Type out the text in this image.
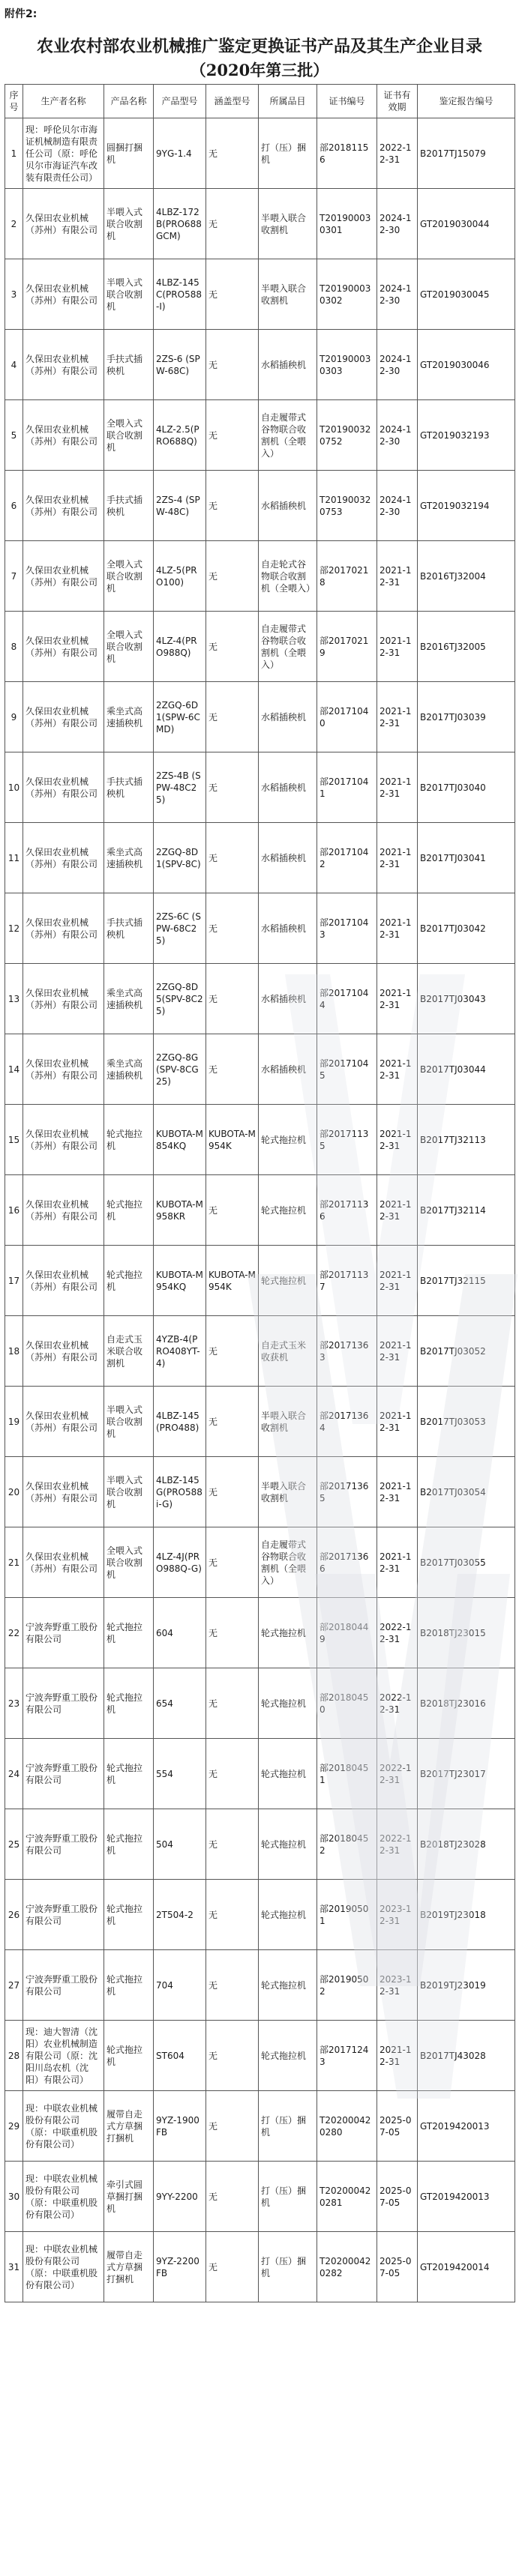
附件2:
农业农村部农业机械推广鉴定更换证书产品及其生产企业目录
（2020年第三批）
序号	生产者名称	产品名称	产品型号	涵盖型号	所属品目	证书编号	证书有效期	鉴定报告编号
1	现：呼伦贝尔市海证机械制造有限责任公司（原：呼伦贝尔市海证汽车改装有限责任公司）	圆捆打捆机	9YG-1.4	无	打（压）捆机	部20181156	2022-12-31	B2017TJ15079
2	久保田农业机械（苏州）有限公司	半喂入式联合收割机	4LBZ-172B(PRO688GCM)	无	半喂入联合收割机	T20190003 0301	2024-12-30	GT2019030044
3	久保田农业机械（苏州）有限公司	半喂入式联合收割机	4LBZ-145C(PRO588-I)	无	半喂入联合收割机	T20190003 0302	2024-12-30	GT2019030045
4	久保田农业机械（苏州）有限公司	手扶式插秧机	2ZS-6 (SPW-68C)	无	水稻插秧机	T20190003 0303	2024-12-30	GT2019030046
5	久保田农业机械（苏州）有限公司	全喂入式联合收割机	4LZ-2.5(PRO688Q)	无	自走履带式谷物联合收割机（全喂入）	T20190032 0752	2024-12-30	GT2019032193
6	久保田农业机械（苏州）有限公司	手扶式插秧机	2ZS-4 (SPW-48C)	无	水稻插秧机	T20190032 0753	2024-12-30	GT2019032194
7	久保田农业机械（苏州）有限公司	全喂入式联合收割机	4LZ-5(PRO100)	无	自走轮式谷物联合收割机（全喂入）	部20170218	2021-12-31	B2016TJ32004
8	久保田农业机械（苏州）有限公司	全喂入式联合收割机	4LZ-4(PRO988Q)	无	自走履带式谷物联合收割机（全喂入）	部20170219	2021-12-31	B2016TJ32005
9	久保田农业机械（苏州）有限公司	乘坐式高速插秧机	2ZGQ-6D1(SPW-6CMD)	无	水稻插秧机	部20171040	2021-12-31	B2017TJ03039
10	久保田农业机械（苏州）有限公司	手扶式插秧机	2ZS-4B (SPW-48C25)	无	水稻插秧机	部20171041	2021-12-31	B2017TJ03040
11	久保田农业机械（苏州）有限公司	乘坐式高速插秧机	2ZGQ-8D1(SPV-8C)	无	水稻插秧机	部20171042	2021-12-31	B2017TJ03041
12	久保田农业机械（苏州）有限公司	手扶式插秧机	2ZS-6C (SPW-68C25)	无	水稻插秧机	部20171043	2021-12-31	B2017TJ03042
13	久保田农业机械（苏州）有限公司	乘坐式高速插秧机	2ZGQ-8D5(SPV-8C25)	无	水稻插秧机	部20171044	2021-12-31	B2017TJ03043
14	久保田农业机械（苏州）有限公司	乘坐式高速插秧机	2ZGQ-8G(SPV-8CG25)	无	水稻插秧机	部20171045	2021-12-31	B2017TJ03044
15	久保田农业机械（苏州）有限公司	轮式拖拉机	KUBOTA-M854KQ	KUBOTA-M954K	轮式拖拉机	部20171135	2021-12-31	B2017TJ32113
16	久保田农业机械（苏州）有限公司	轮式拖拉机	KUBOTA-M958KR	无	轮式拖拉机	部20171136	2021-12-31	B2017TJ32114
17	久保田农业机械（苏州）有限公司	轮式拖拉机	KUBOTA-M954KQ	KUBOTA-M954K	轮式拖拉机	部20171137	2021-12-31	B2017TJ32115
18	久保田农业机械（苏州）有限公司	自走式玉米联合收割机	4YZB-4(PRO408YT-4)	无	自走式玉米收获机	部20171363	2021-12-31	B2017TJ03052
19	久保田农业机械（苏州）有限公司	半喂入式联合收割机	4LBZ-145(PRO488)	无	半喂入联合收割机	部20171364	2021-12-31	B2017TJ03053
20	久保田农业机械（苏州）有限公司	半喂入式联合收割机	4LBZ-145G(PRO588i-G)	无	半喂入联合收割机	部20171365	2021-12-31	B2017TJ03054
21	久保田农业机械（苏州）有限公司	全喂入式联合收割机	4LZ-4J(PRO988Q-G)	无	自走履带式谷物联合收割机（全喂入）	部20171366	2021-12-31	B2017TJ03055
22	宁波奔野重工股份有限公司	轮式拖拉机	604	无	轮式拖拉机	部20180449	2022-12-31	B2018TJ23015
23	宁波奔野重工股份有限公司	轮式拖拉机	654	无	轮式拖拉机	部20180450	2022-12-31	B2018TJ23016
24	宁波奔野重工股份有限公司	轮式拖拉机	554	无	轮式拖拉机	部20180451	2022-12-31	B2017TJ23017
25	宁波奔野重工股份有限公司	轮式拖拉机	504	无	轮式拖拉机	部20180452	2022-12-31	B2018TJ23028
26	宁波奔野重工股份有限公司	轮式拖拉机	2T504-2	无	轮式拖拉机	部20190501	2023-12-31	B2019TJ23018
27	宁波奔野重工股份有限公司	轮式拖拉机	704	无	轮式拖拉机	部20190502	2023-12-31	B2019TJ23019
28	现：迪大智清（沈阳）农业机械制造有限公司（原：沈阳川岛农机（沈阳）有限公司）	轮式拖拉机	ST604	无	轮式拖拉机	部20171243	2021-12-31	B2017TJ43028
29	现：中联农业机械股份有限公司（原：中联重机股份有限公司）	履带自走式方草捆打捆机	9YZ-1900FB	无	打（压）捆机	T20200042 0280	2025-07-05	GT2019420013
30	现：中联农业机械股份有限公司（原：中联重机股份有限公司）	牵引式圆草捆打捆机	9YY-2200	无	打（压）捆机	T20200042 0281	2025-07-05	GT2019420013
31	现：中联农业机械股份有限公司（原：中联重机股份有限公司）	履带自走式方草捆打捆机	9YZ-2200FB	无	打（压）捆机	T20200042 0282	2025-07-05	GT2019420014
